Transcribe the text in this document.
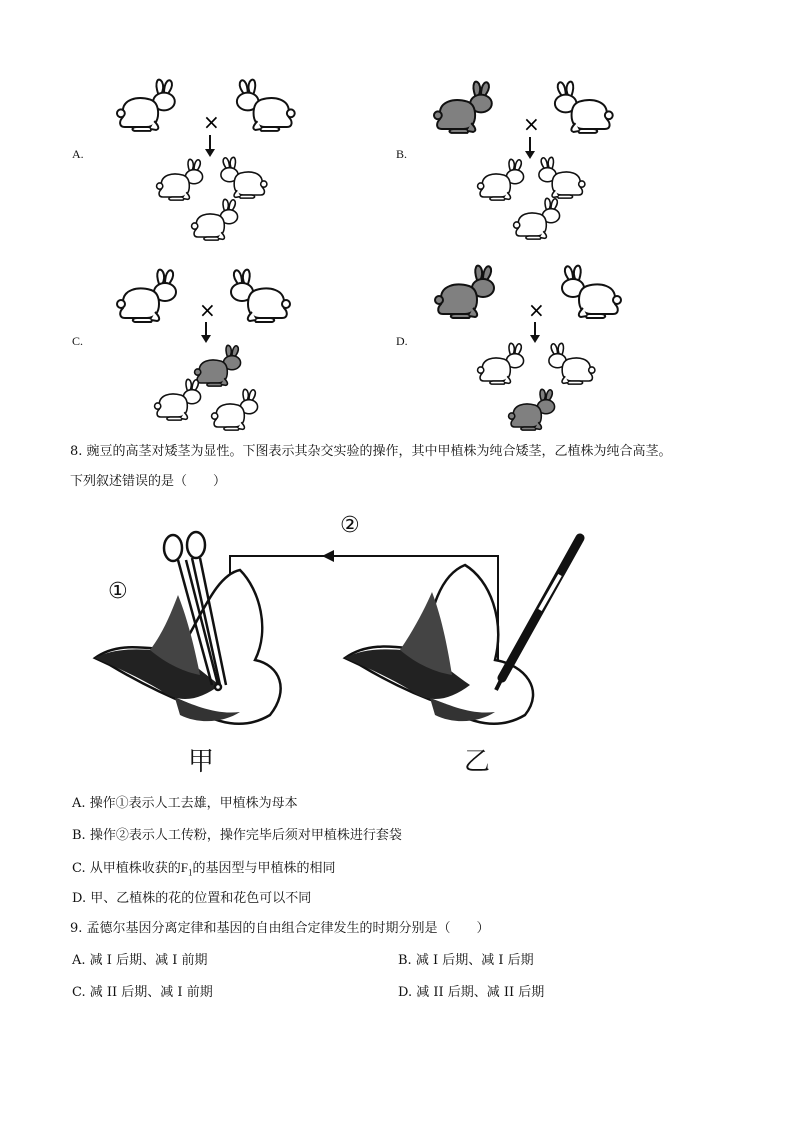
A.	B.
C.	D.
×	×
×	×
8. 豌豆的高茎对矮茎为显性。下图表示其杂交实验的操作，其中甲植株为纯合矮茎，乙植株为纯合高茎。
下列叙述错误的是（　　）
①
②
甲	乙
A. 操作①表示人工去雄，甲植株为母本
B. 操作②表示人工传粉，操作完毕后须对甲植株进行套袋
C. 从甲植株收获的$F_1$的基因型与甲植株的相同
D. 甲、乙植株的花的位置和花色可以不同
9. 孟德尔基因分离定律和基因的自由组合定律发生的时期分别是（　　）
A. 减 I 后期、减 I 前期	B. 减 I 后期、减 I 后期
C. 减 II 后期、减 I 前期	D. 减 II 后期、减 II 后期
